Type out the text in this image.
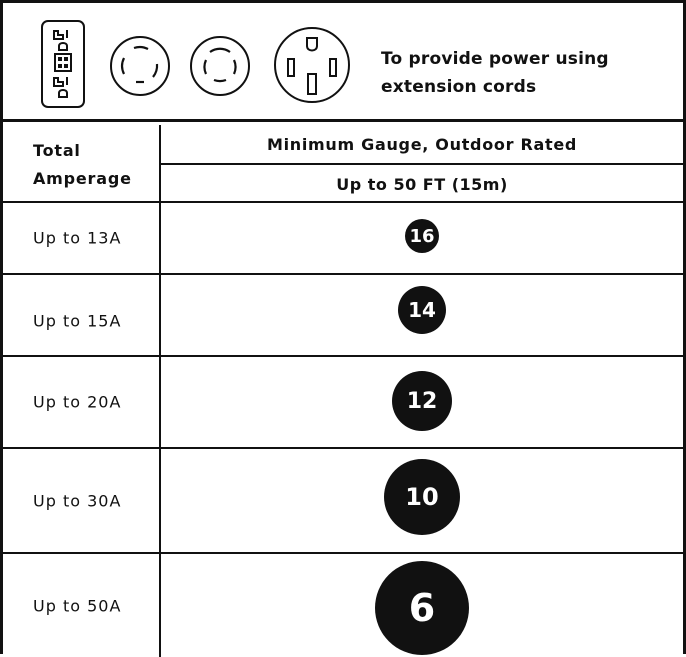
To provide power using
extension cords
Total
Amperage
Minimum Gauge, Outdoor Rated
Up to 50 FT (15m)
Up to 13A	16
Up to 15A	14
Up to 20A	12
Up to 30A	10
Up to 50A	6
